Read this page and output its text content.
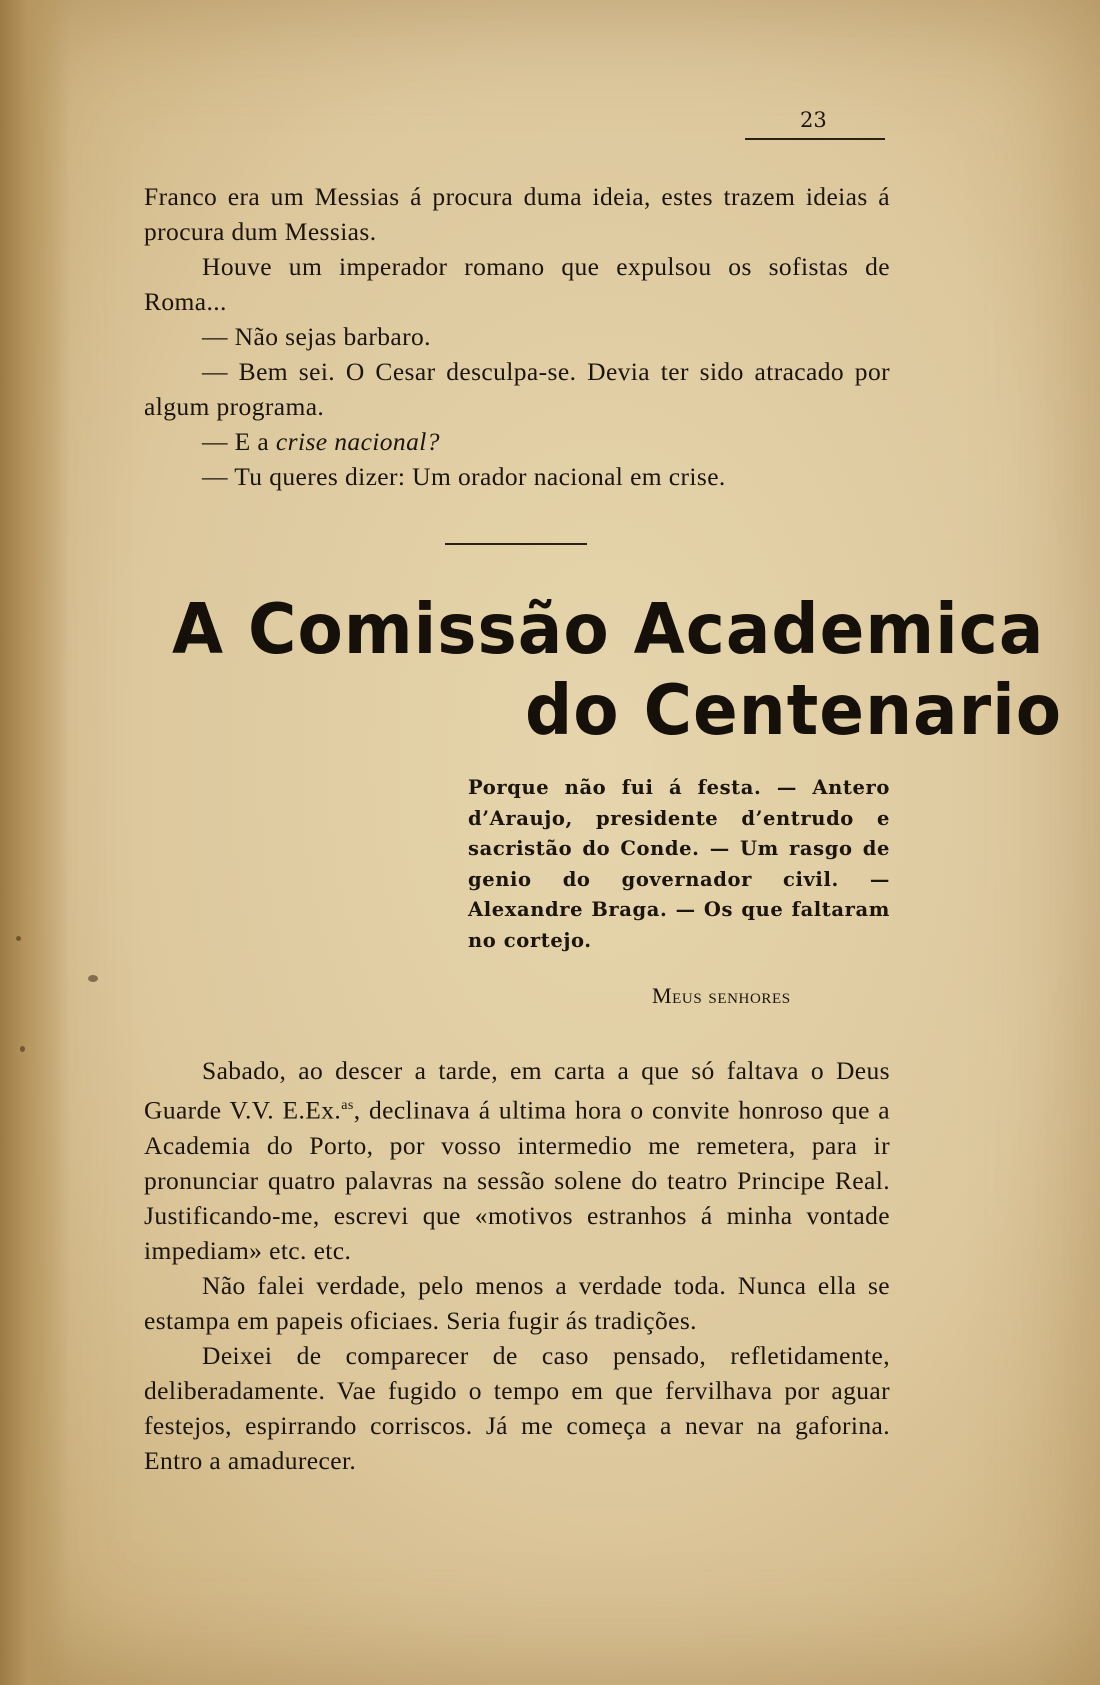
23

Franco era um Messias á procura duma ideia, estes trazem ideias á procura dum Messias.

Houve um imperador romano que expulsou os sofistas de Roma...

— Não sejas barbaro.

— Bem sei. O Cesar desculpa-se. Devia ter sido atracado por algum programa.

— E a crise nacional?

— Tu queres dizer: Um orador nacional em crise.

A Comissão Academica
do Centenario
Porque não fui á festa. — Antero d’Araujo, presidente d’entrudo e sacristão do Conde. — Um rasgo de genio do governador civil. — Alexandre Braga. — Os que faltaram no cortejo.
Meus senhores

Sabado, ao descer a tarde, em carta a que só faltava o Deus Guarde V.V. E.Ex.$^{as}$, declinava á ultima hora o convite honroso que a Academia do Porto, por vosso intermedio me remetera, para ir pronunciar quatro palavras na sessão solene do teatro Principe Real. Justificando-me, escrevi que «motivos estranhos á minha vontade impediam» etc. etc.

Não falei verdade, pelo menos a verdade toda. Nunca ella se estampa em papeis oficiaes. Seria fugir ás tradições.

Deixei de comparecer de caso pensado, refletidamente, deliberadamente. Vae fugido o tempo em que fervilhava por aguar festejos, espirrando corriscos. Já me começa a nevar na gaforina. Entro a amadurecer.
